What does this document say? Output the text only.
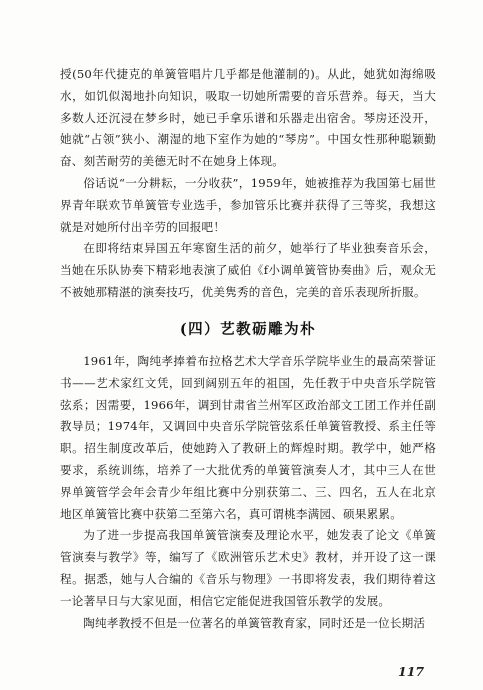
授(50年代捷克的单簧管唱片几乎都是他灌制的)。从此，她犹如海绵吸水，如饥似渴地扑向知识，吸取一切她所需要的音乐营养。每天，当大多数人还沉浸在梦乡时，她已手拿乐谱和乐器走出宿舍。琴房还没开，她就“占领”狭小、潮湿的地下室作为她的“琴房”。中国女性那种聪颖勤奋、刻苦耐劳的美德无时不在她身上体现。

俗话说“一分耕耘，一分收获”，1959年，她被推荐为我国第七届世界青年联欢节单簧管专业选手，参加管乐比赛并获得了三等奖，我想这就是对她所付出辛劳的回报吧！

在即将结束异国五年寒窗生活的前夕，她举行了毕业独奏音乐会，当她在乐队协奏下精彩地表演了威伯《f小调单簧管协奏曲》后，观众无不被她那精湛的演奏技巧，优美隽秀的音色，完美的音乐表现所折服。

(四）艺教砺雕为朴

1961年，陶纯孝捧着布拉格艺术大学音乐学院毕业生的最高荣誉证书——艺术家红文凭，回到阔别五年的祖国，先任教于中央音乐学院管弦系；因需要，1966年，调到甘肃省兰州军区政治部文工团工作并任副教导员；1974年，又调回中央音乐学院管弦系任单簧管教授、系主任等职。招生制度改革后，使她跨入了教研上的辉煌时期。教学中，她严格要求，系统训练，培养了一大批优秀的单簧管演奏人才，其中三人在世界单簧管学会年会青少年组比赛中分别获第二、三、四名，五人在北京地区单簧管比赛中获第二至第六名，真可谓桃李满园、硕果累累。

为了进一步提高我国单簧管演奏及理论水平，她发表了论文《单簧管演奏与教学》等，编写了《欧洲管乐艺术史》教材，并开设了这一课程。据悉，她与人合编的《音乐与物理》一书即将发表，我们期待着这一论著早日与大家见面，相信它定能促进我国管乐教学的发展。

陶纯孝教授不但是一位著名的单簧管教育家，同时还是一位长期活

117
